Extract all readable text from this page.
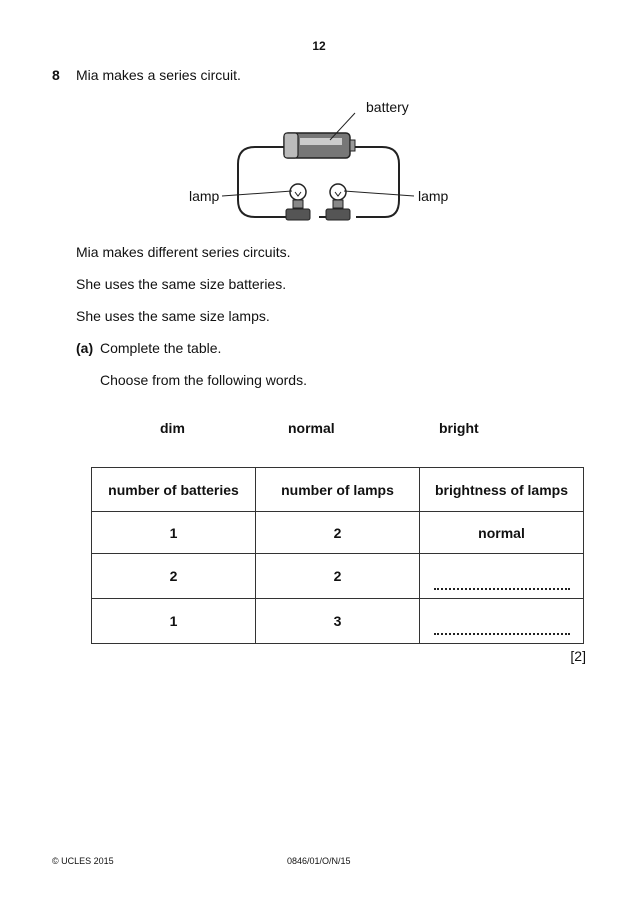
12
8 Mia makes a series circuit.
battery
lamp	lamp
Mia makes different series circuits.
She uses the same size batteries.
She uses the same size lamps.
(a) Complete the table.
Choose from the following words.
dim	normal	bright
number of batteries	number of lamps	brightness of lamps
1	2	normal
2	2	
1	3	
[2]
© UCLES 2015	0846/01/O/N/15
